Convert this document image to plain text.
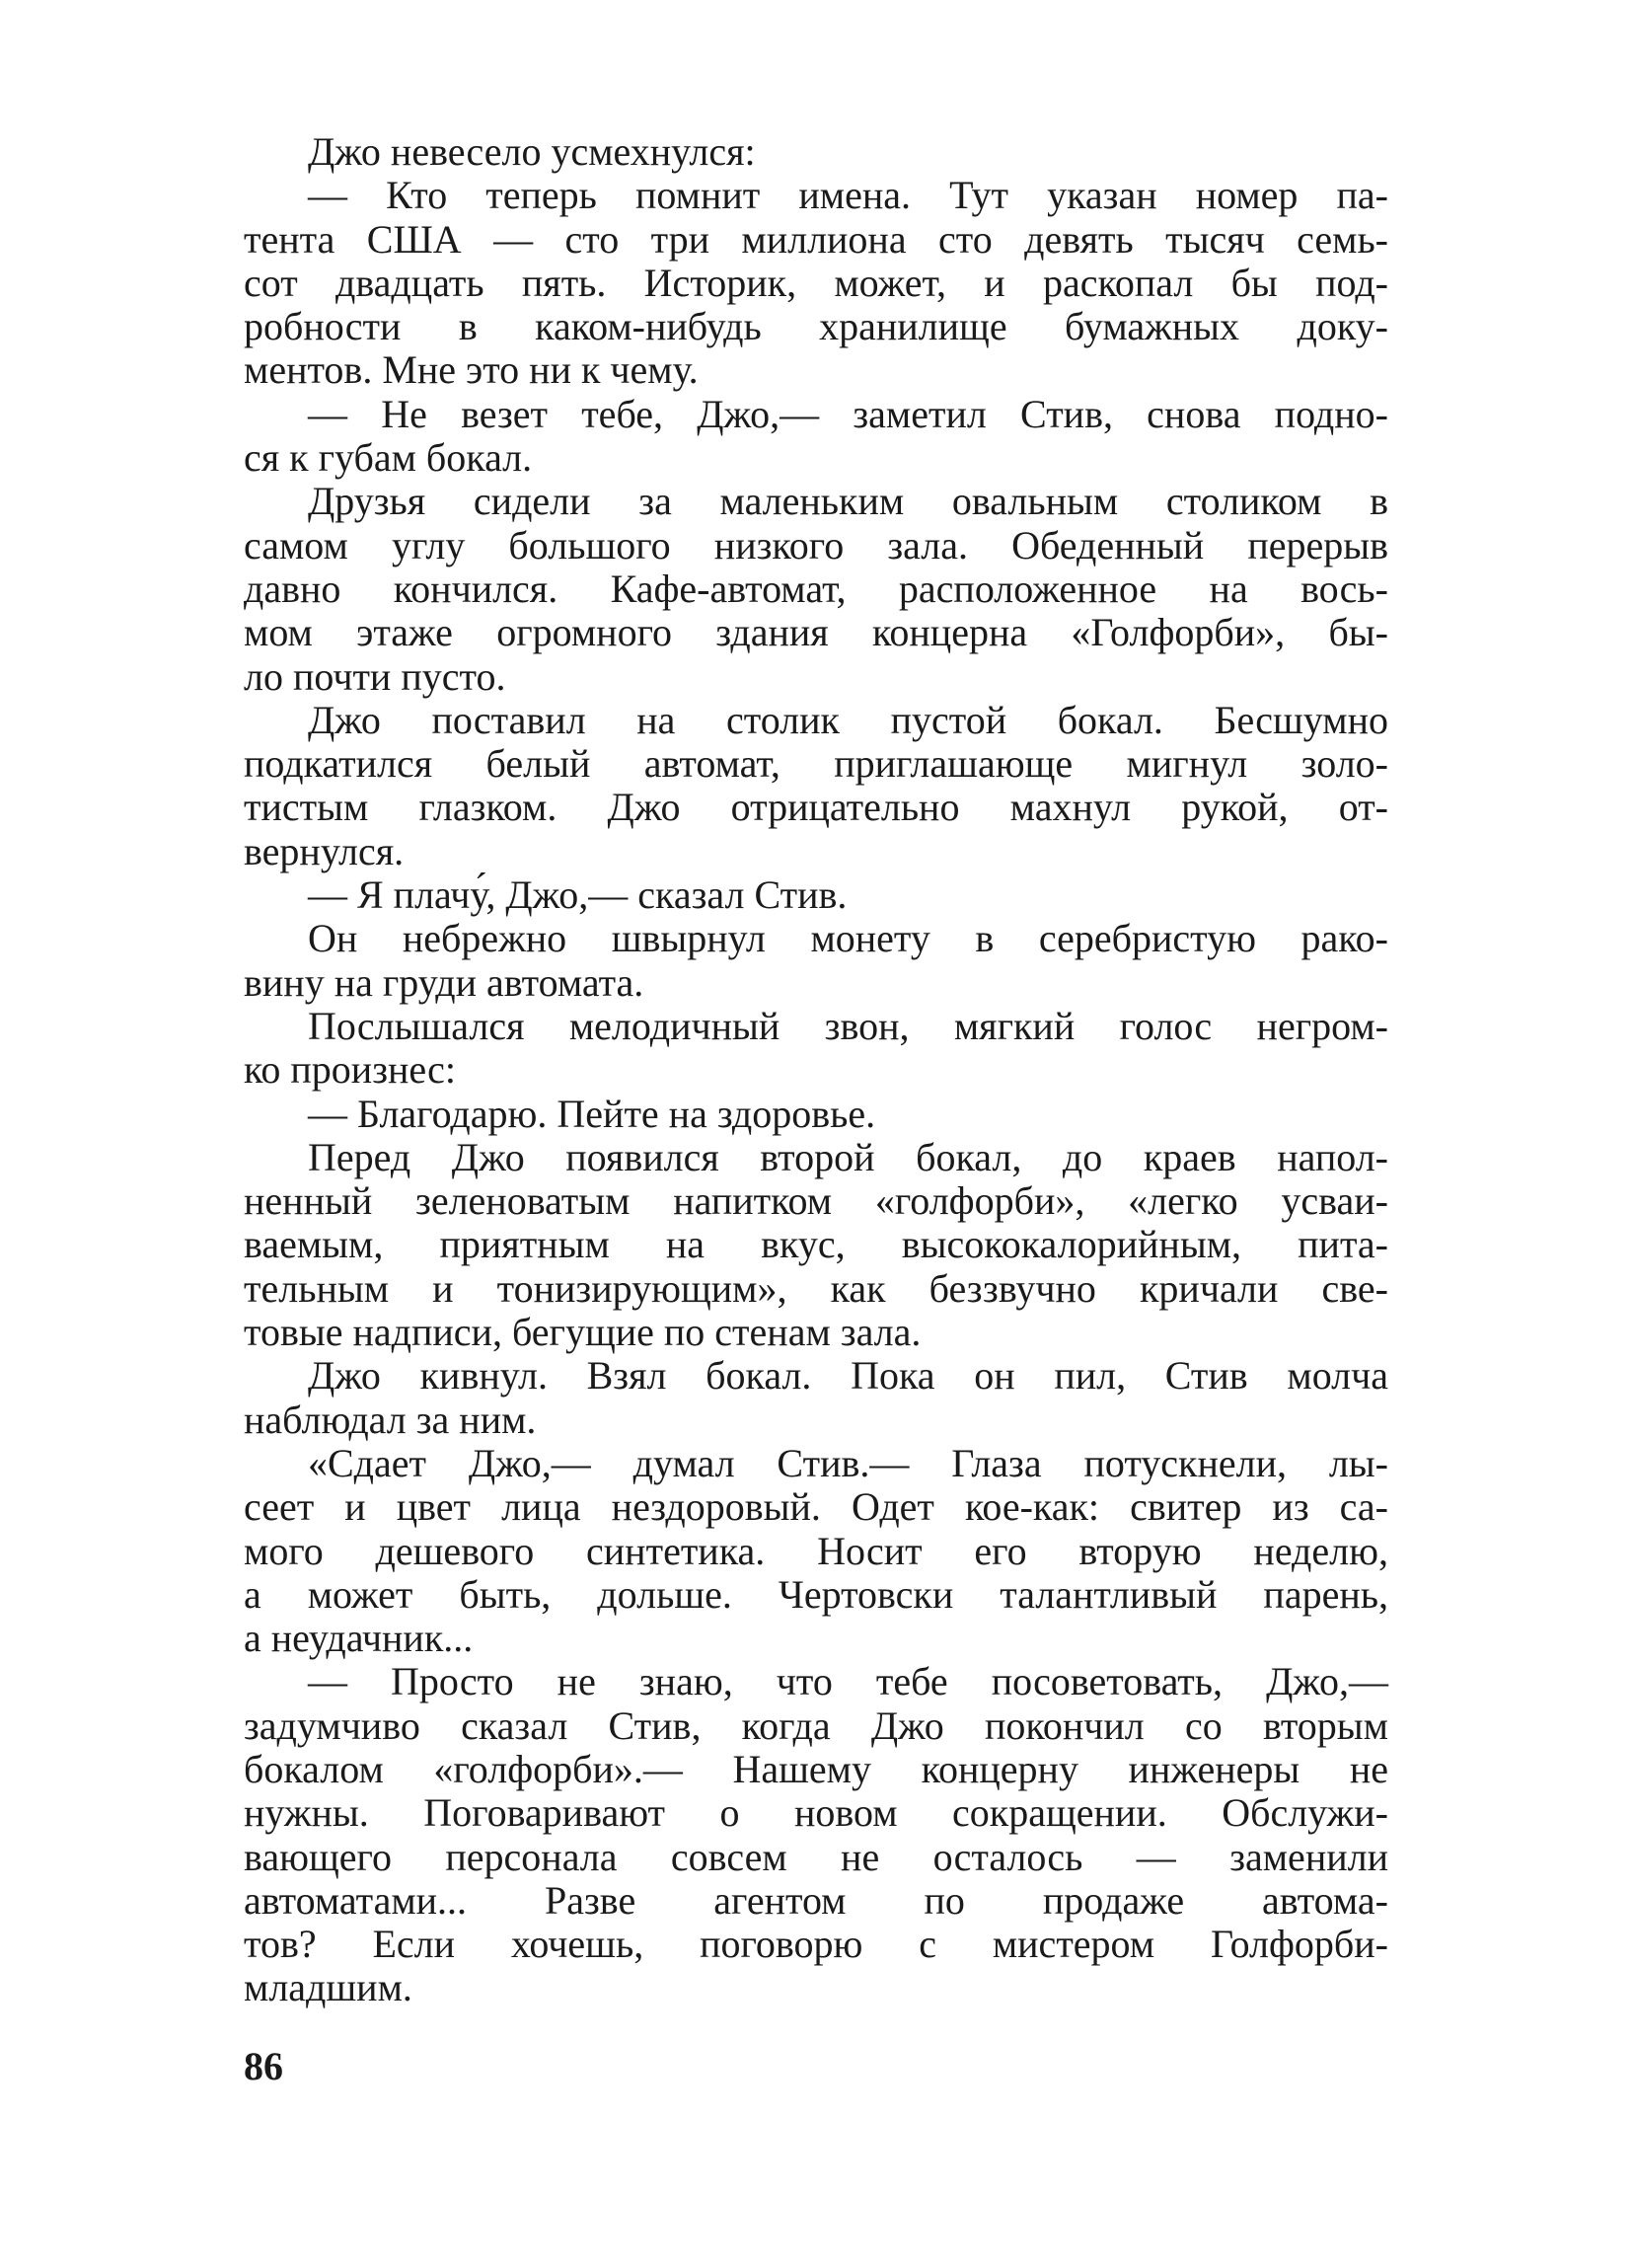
Джо невесело усмехнулся:
— Кто теперь помнит имена. Тут указан номер па-
тента США — сто три миллиона сто девять тысяч семь-
сот двадцать пять. Историк, может, и раскопал бы под-
робности в каком-нибудь хранилище бумажных доку-
ментов. Мне это ни к чему.
— Не везет тебе, Джо,— заметил Стив, снова подно-
ся к губам бокал.
Друзья сидели за маленьким овальным столиком в
самом углу большого низкого зала. Обеденный перерыв
давно кончился. Кафе-автомат, расположенное на вось-
мом этаже огромного здания концерна «Голфорби», бы-
ло почти пусто.
Джо поставил на столик пустой бокал. Бесшумно
подкатился белый автомат, приглашающе мигнул золо-
тистым глазком. Джо отрицательно махнул рукой, от-
вернулся.
— Я плачу́, Джо,— сказал Стив.
Он небрежно швырнул монету в серебристую рако-
вину на груди автомата.
Послышался мелодичный звон, мягкий голос негром-
ко произнес:
— Благодарю. Пейте на здоровье.
Перед Джо появился второй бокал, до краев напол-
ненный зеленоватым напитком «голфорби», «легко усваи-
ваемым, приятным на вкус, высококалорийным, пита-
тельным и тонизирующим», как беззвучно кричали све-
товые надписи, бегущие по стенам зала.
Джо кивнул. Взял бокал. Пока он пил, Стив молча
наблюдал за ним.
«Сдает Джо,— думал Стив.— Глаза потускнели, лы-
сеет и цвет лица нездоровый. Одет кое-как: свитер из са-
мого дешевого синтетика. Носит его вторую неделю,
а может быть, дольше. Чертовски талантливый парень,
а неудачник...
— Просто не знаю, что тебе посоветовать, Джо,—
задумчиво сказал Стив, когда Джо покончил со вторым
бокалом «голфорби».— Нашему концерну инженеры не
нужны. Поговаривают о новом сокращении. Обслужи-
вающего персонала совсем не осталось — заменили
автоматами... Разве агентом по продаже автома-
тов? Если хочешь, поговорю с мистером Голфорби-
младшим.
86
